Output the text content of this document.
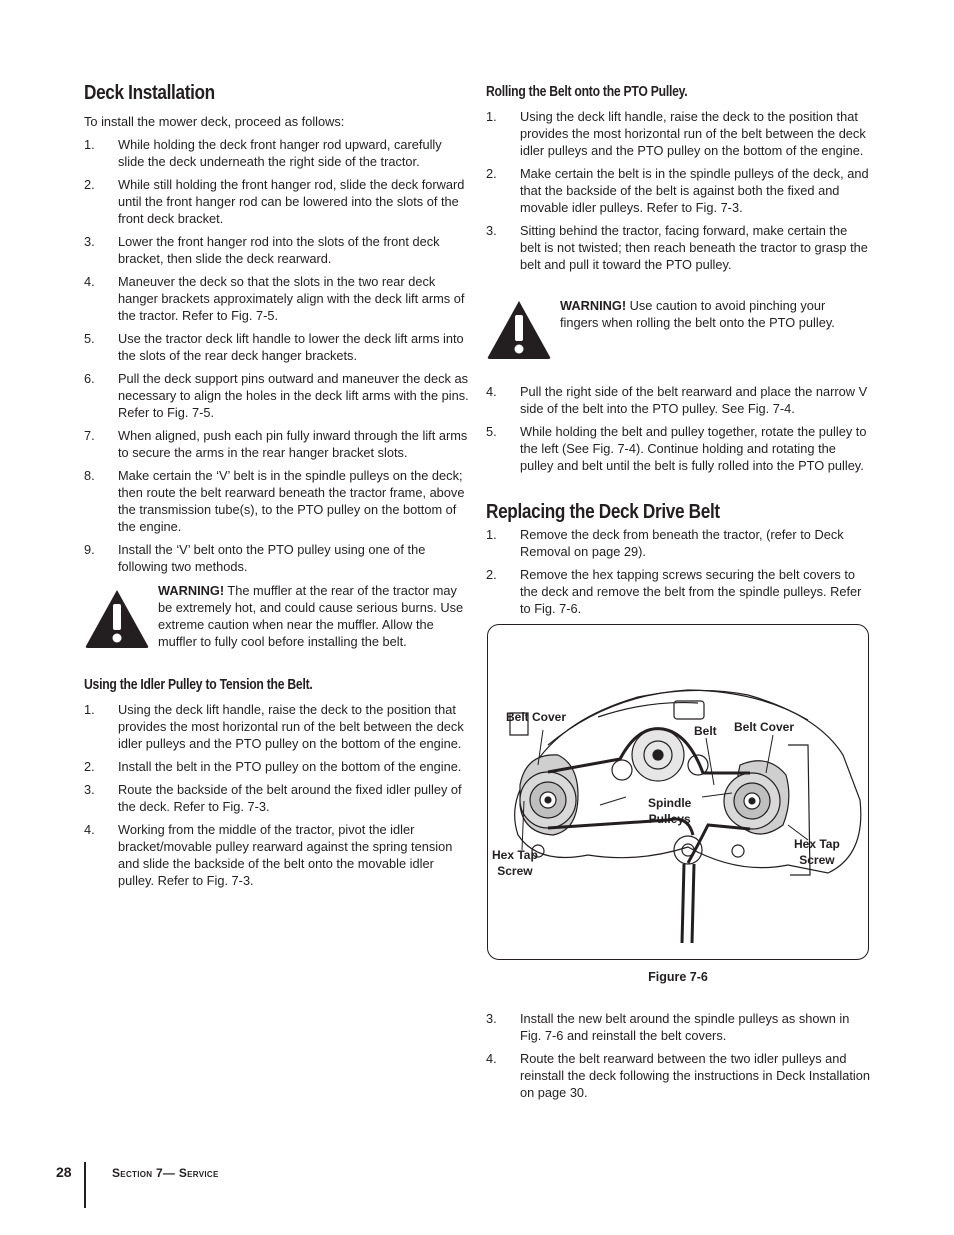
Deck Installation

To install the mower deck, proceed as follows:

1. While holding the deck front hanger rod upward, carefully slide the deck underneath the right side of the tractor.
2. While still holding the front hanger rod, slide the deck forward until the front hanger rod can be lowered into the slots of the front deck bracket.
3. Lower the front hanger rod into the slots of the front deck bracket, then slide the deck rearward.
4. Maneuver the deck so that the slots in the two rear deck hanger brackets approximately align with the deck lift arms of the tractor. Refer to Fig. 7-5.
5. Use the tractor deck lift handle to lower the deck lift arms into the slots of the rear deck hanger brackets.
6. Pull the deck support pins outward and maneuver the deck as necessary to align the holes in the deck lift arms with the pins. Refer to Fig. 7-5.
7. When aligned, push each pin fully inward through the lift arms to secure the arms in the rear hanger bracket slots.
8. Make certain the ‘V’ belt is in the spindle pulleys on the deck; then route the belt rearward beneath the tractor frame, above the transmission tube(s), to the PTO pulley on the bottom of the engine.
9. Install the ‘V’ belt onto the PTO pulley using one of the following two methods.
WARNING! The muffler at the rear of the tractor may be extremely hot, and could cause serious burns. Use extreme caution when near the muffler. Allow the muffler to fully cool before installing the belt.
Using the Idler Pulley to Tension the Belt.
1. Using the deck lift handle, raise the deck to the position that provides the most horizontal run of the belt between the deck idler pulleys and the PTO pulley on the bottom of the engine.
2. Install the belt in the PTO pulley on the bottom of the engine.
3. Route the backside of the belt around the fixed idler pulley of the deck. Refer to Fig. 7-3.
4. Working from the middle of the tractor, pivot the idler bracket/movable pulley rearward against the spring tension and slide the backside of the belt onto the movable idler pulley. Refer to Fig. 7-3.
Rolling the Belt onto the PTO Pulley.
1. Using the deck lift handle, raise the deck to the position that provides the most horizontal run of the belt between the deck idler pulleys and the PTO pulley on the bottom of the engine.
2. Make certain the belt is in the spindle pulleys of the deck, and that the backside of the belt is against both the fixed and movable idler pulleys. Refer to Fig. 7-3.
3. Sitting behind the tractor, facing forward, make certain the belt is not twisted; then reach beneath the tractor to grasp the belt and pull it toward the PTO pulley.
WARNING! Use caution to avoid pinching your fingers when rolling the belt onto the PTO pulley.
4. Pull the right side of the belt rearward and place the narrow V side of the belt into the PTO pulley. See Fig. 7-4.
5. While holding the belt and pulley together, rotate the pulley to the left (See Fig. 7-4). Continue holding and rotating the pulley and belt until the belt is fully rolled into the PTO pulley.
Replacing the Deck Drive Belt
1. Remove the deck from beneath the tractor, (refer to Deck Removal on page 29).
2. Remove the hex tapping screws securing the belt covers to the deck and remove the belt from the spindle pulleys. Refer to Fig. 7-6.
Belt Cover
Belt Belt Cover
Spindle
Pulleys
Hex Tap
Screw
Hex Tap
Screw
Figure 7-6
3. Install the new belt around the spindle pulleys as shown in Fig. 7-6 and reinstall the belt covers.
4. Route the belt rearward between the two idler pulleys and reinstall the deck following the instructions in Deck Installation on page 30.
28	Section 7— Service
